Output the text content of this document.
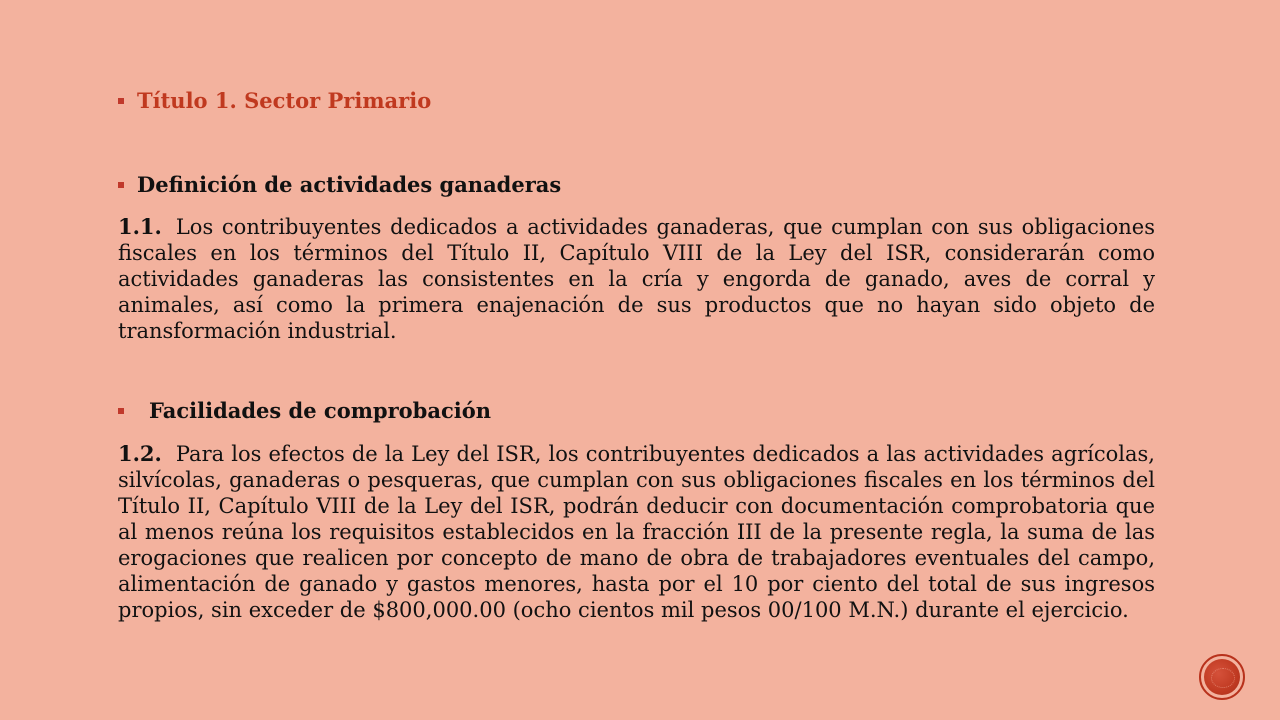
Título 1. Sector Primario
Definición de actividades ganaderas

1.1. Los contribuyentes dedicados a actividades ganaderas, que cumplan con sus obligaciones fiscales en los términos del Título II, Capítulo VIII de la Ley del ISR, considerarán como actividades ganaderas las consistentes en la cría y engorda de ganado, aves de corral y animales, así como la primera enajenación de sus productos que no hayan sido objeto de transformación industrial.

Facilidades de comprobación

1.2. Para los efectos de la Ley del ISR, los contribuyentes dedicados a las actividades agrícolas, silvícolas, ganaderas o pesqueras, que cumplan con sus obligaciones fiscales en los términos del Título II, Capítulo VIII de la Ley del ISR, podrán deducir con documentación comprobatoria que al menos reúna los requisitos establecidos en la fracción III de la presente regla, la suma de las erogaciones que realicen por concepto de mano de obra de trabajadores eventuales del campo, alimentación de ganado y gastos menores, hasta por el 10 por ciento del total de sus ingresos propios, sin exceder de $800,000.00 (ocho cientos mil pesos 00/100 M.N.) durante el ejercicio.
